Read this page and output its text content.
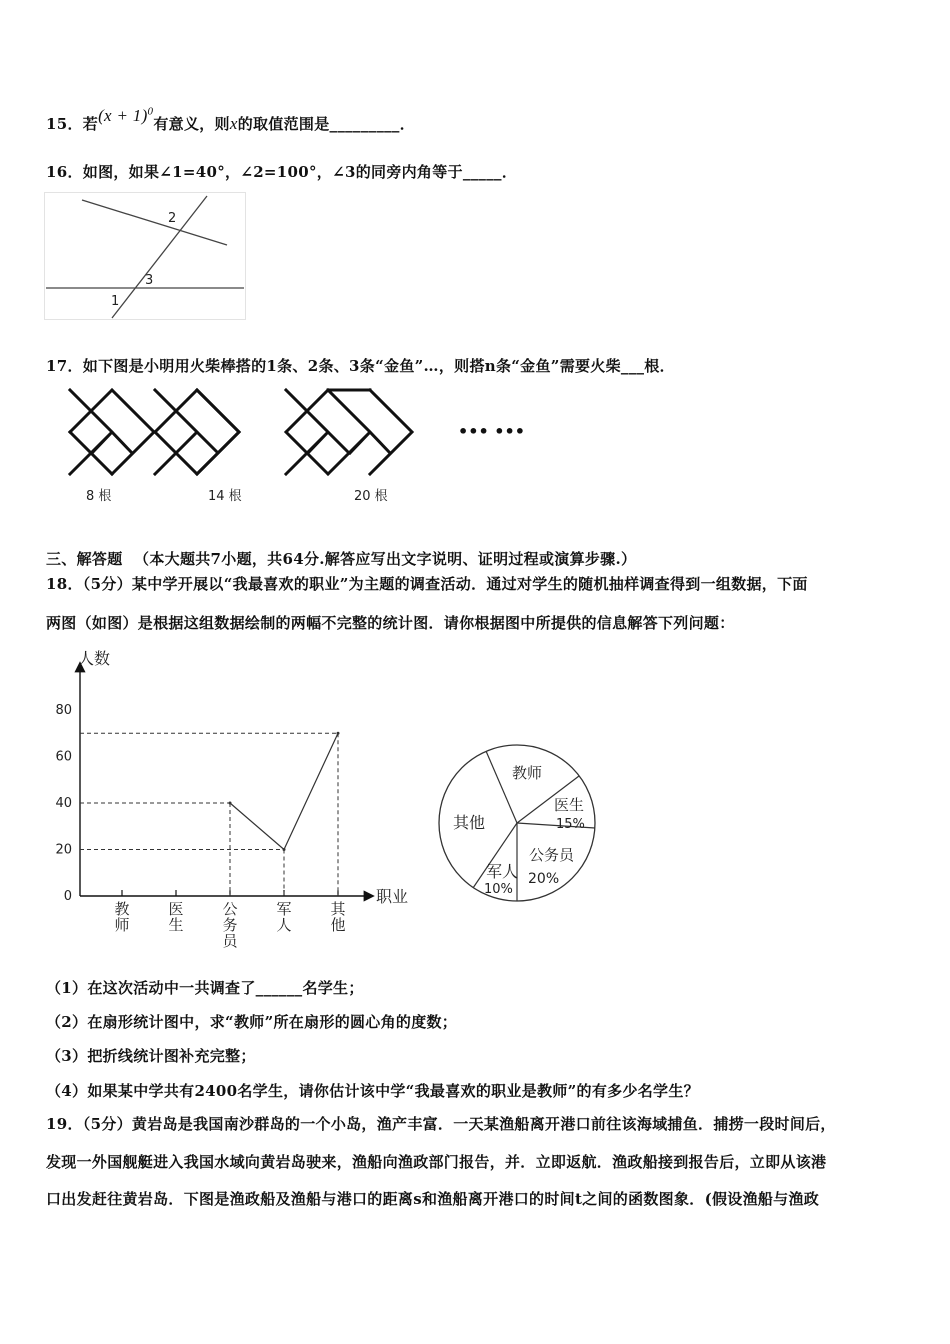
15．若$(x + 1)^0$有意义，则x的取值范围是_________．
16．如图，如果∠1=40°，∠2=100°，∠3的同旁内角等于_____．
2
3
1
17．如下图是小明用火柴棒搭的1条、2条、3条“金鱼”…，则搭n条“金鱼”需要火柴___根．
8 根	14 根	20 根
••• •••
三、解答题 （本大题共7小题，共64分.解答应写出文字说明、证明过程或演算步骤.）
18．（5分）某中学开展以“我最喜欢的职业”为主题的调查活动．通过对学生的随机抽样调查得到一组数据，下面
两图（如图）是根据这组数据绘制的两幅不完整的统计图．请你根据图中所提供的信息解答下列问题：
人数
职业
0
20
40
60
80
教师
医生
公务员
军人
其他
教师
医生
15%
公务员
20%
军人
10%
其他
（1）在这次活动中一共调查了______名学生；
（2）在扇形统计图中，求“教师”所在扇形的圆心角的度数；
（3）把折线统计图补充完整；
（4）如果某中学共有2400名学生，请你估计该中学“我最喜欢的职业是教师”的有多少名学生？
19．（5分）黄岩岛是我国南沙群岛的一个小岛，渔产丰富．一天某渔船离开港口前往该海域捕鱼．捕捞一段时间后，
发现一外国舰艇进入我国水域向黄岩岛驶来，渔船向渔政部门报告，并．立即返航．渔政船接到报告后，立即从该港
口出发赶往黄岩岛．下图是渔政船及渔船与港口的距离s和渔船离开港口的时间t之间的函数图象．(假设渔船与渔政
